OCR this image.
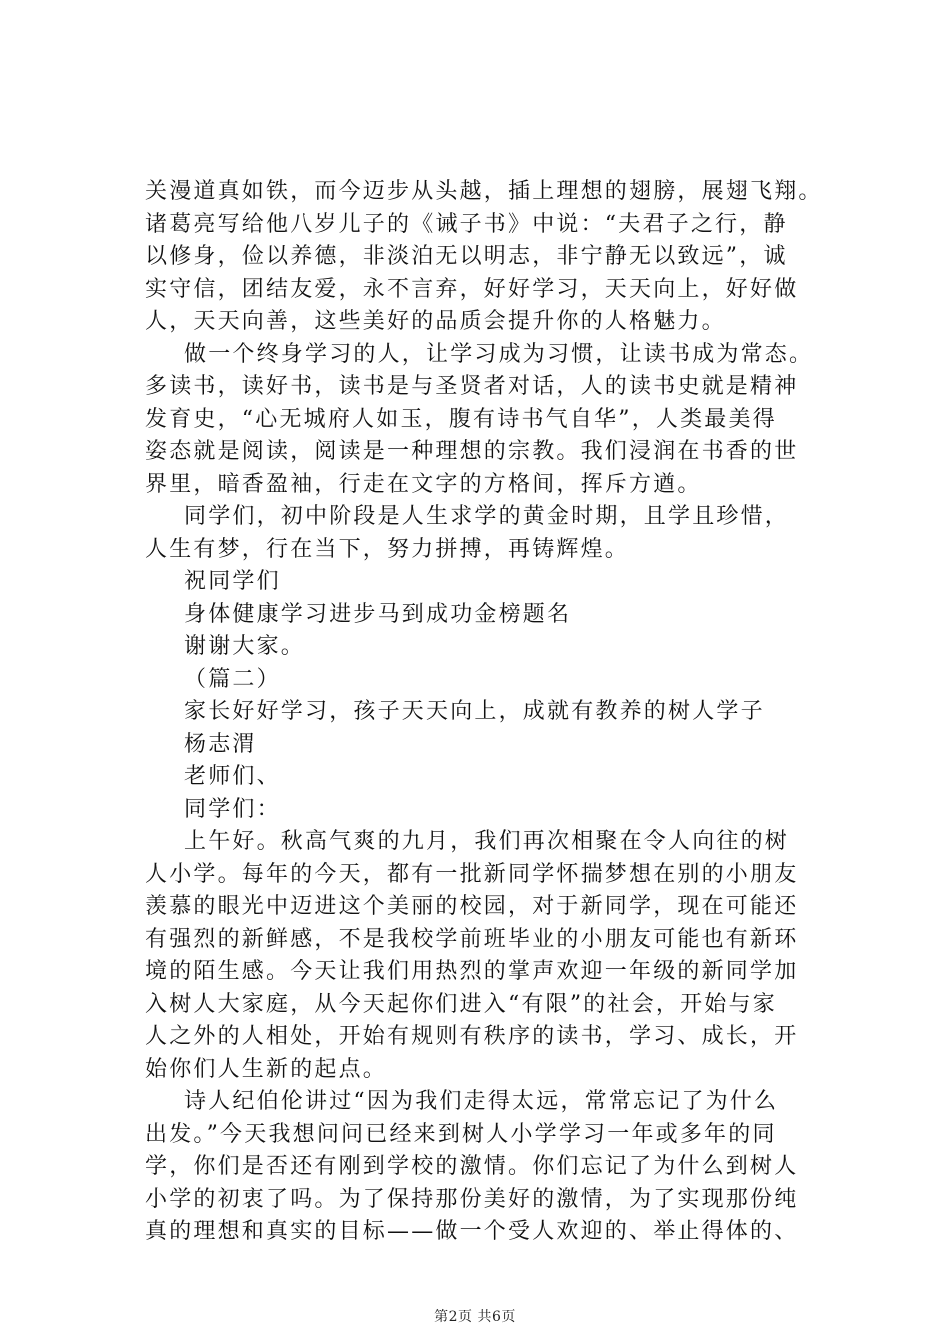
关漫道真如铁，而今迈步从头越，插上理想的翅膀，展翅飞翔。
诸葛亮写给他八岁儿子的《诫子书》中说：“夫君子之行，静
以修身，俭以养德，非淡泊无以明志，非宁静无以致远”，诚
实守信，团结友爱，永不言弃，好好学习，天天向上，好好做
人，天天向善，这些美好的品质会提升你的人格魅力。
做一个终身学习的人，让学习成为习惯，让读书成为常态。
多读书，读好书，读书是与圣贤者对话，人的读书史就是精神
发育史，“心无城府人如玉，腹有诗书气自华”，人类最美得
姿态就是阅读，阅读是一种理想的宗教。我们浸润在书香的世
界里，暗香盈袖，行走在文字的方格间，挥斥方遒。
同学们，初中阶段是人生求学的黄金时期，且学且珍惜，
人生有梦，行在当下，努力拼搏，再铸辉煌。
祝同学们
身体健康学习进步马到成功金榜题名
谢谢大家。
（篇二）
家长好好学习，孩子天天向上，成就有教养的树人学子
杨志渭
老师们、
同学们：
上午好。秋高气爽的九月，我们再次相聚在令人向往的树
人小学。每年的今天，都有一批新同学怀揣梦想在别的小朋友
羡慕的眼光中迈进这个美丽的校园，对于新同学，现在可能还
有强烈的新鲜感，不是我校学前班毕业的小朋友可能也有新环
境的陌生感。今天让我们用热烈的掌声欢迎一年级的新同学加
入树人大家庭，从今天起你们进入“有限”的社会，开始与家
人之外的人相处，开始有规则有秩序的读书，学习、成长，开
始你们人生新的起点。
诗人纪伯伦讲过“因为我们走得太远，常常忘记了为什么
出发。”今天我想问问已经来到树人小学学习一年或多年的同
学，你们是否还有刚到学校的激情。你们忘记了为什么到树人
小学的初衷了吗。为了保持那份美好的激情，为了实现那份纯
真的理想和真实的目标——做一个受人欢迎的、举止得体的、
第2页 共6页
